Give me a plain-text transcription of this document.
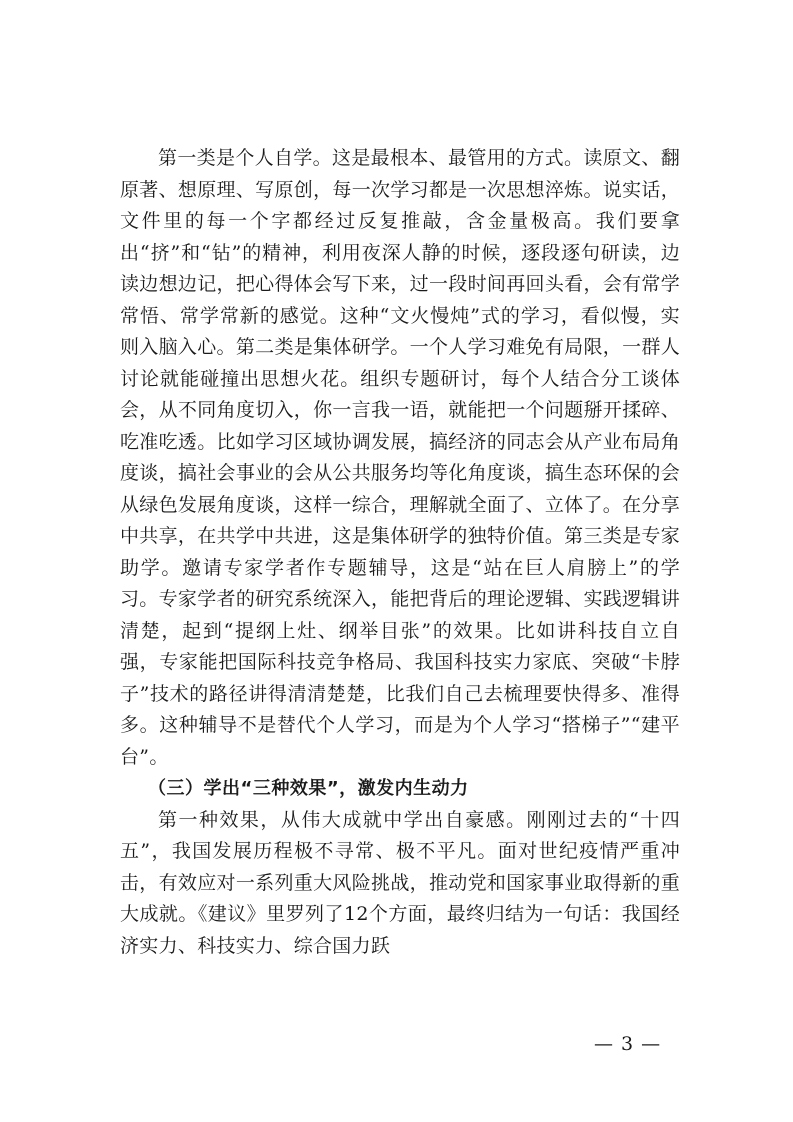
第一类是个人自学。这是最根本、最管用的方式。读原文、翻原著、想原理、写原创，每一次学习都是一次思想淬炼。说实话，文件里的每一个字都经过反复推敲，含金量极高。我们要拿出“挤”和“钻”的精神，利用夜深人静的时候，逐段逐句研读，边读边想边记，把心得体会写下来，过一段时间再回头看，会有常学常悟、常学常新的感觉。这种“文火慢炖”式的学习，看似慢，实则入脑入心。第二类是集体研学。一个人学习难免有局限，一群人讨论就能碰撞出思想火花。组织专题研讨，每个人结合分工谈体会，从不同角度切入，你一言我一语，就能把一个问题掰开揉碎、吃准吃透。比如学习区域协调发展，搞经济的同志会从产业布局角度谈，搞社会事业的会从公共服务均等化角度谈，搞生态环保的会从绿色发展角度谈，这样一综合，理解就全面了、立体了。在分享中共享，在共学中共进，这是集体研学的独特价值。第三类是专家助学。邀请专家学者作专题辅导，这是“站在巨人肩膀上”的学习。专家学者的研究系统深入，能把背后的理论逻辑、实践逻辑讲清楚，起到“提纲上灶、纲举目张”的效果。比如讲科技自立自强，专家能把国际科技竞争格局、我国科技实力家底、突破“卡脖子”技术的路径讲得清清楚楚，比我们自己去梳理要快得多、准得多。这种辅导不是替代个人学习，而是为个人学习“搭梯子”“建平台”。

（三）学出“三种效果”，激发内生动力

第一种效果，从伟大成就中学出自豪感。刚刚过去的“十四五”，我国发展历程极不寻常、极不平凡。面对世纪疫情严重冲击，有效应对一系列重大风险挑战，推动党和国家事业取得新的重大成就。《建议》里罗列了12个方面，最终归结为一句话：我国经济实力、科技实力、综合国力跃

— 3 —
